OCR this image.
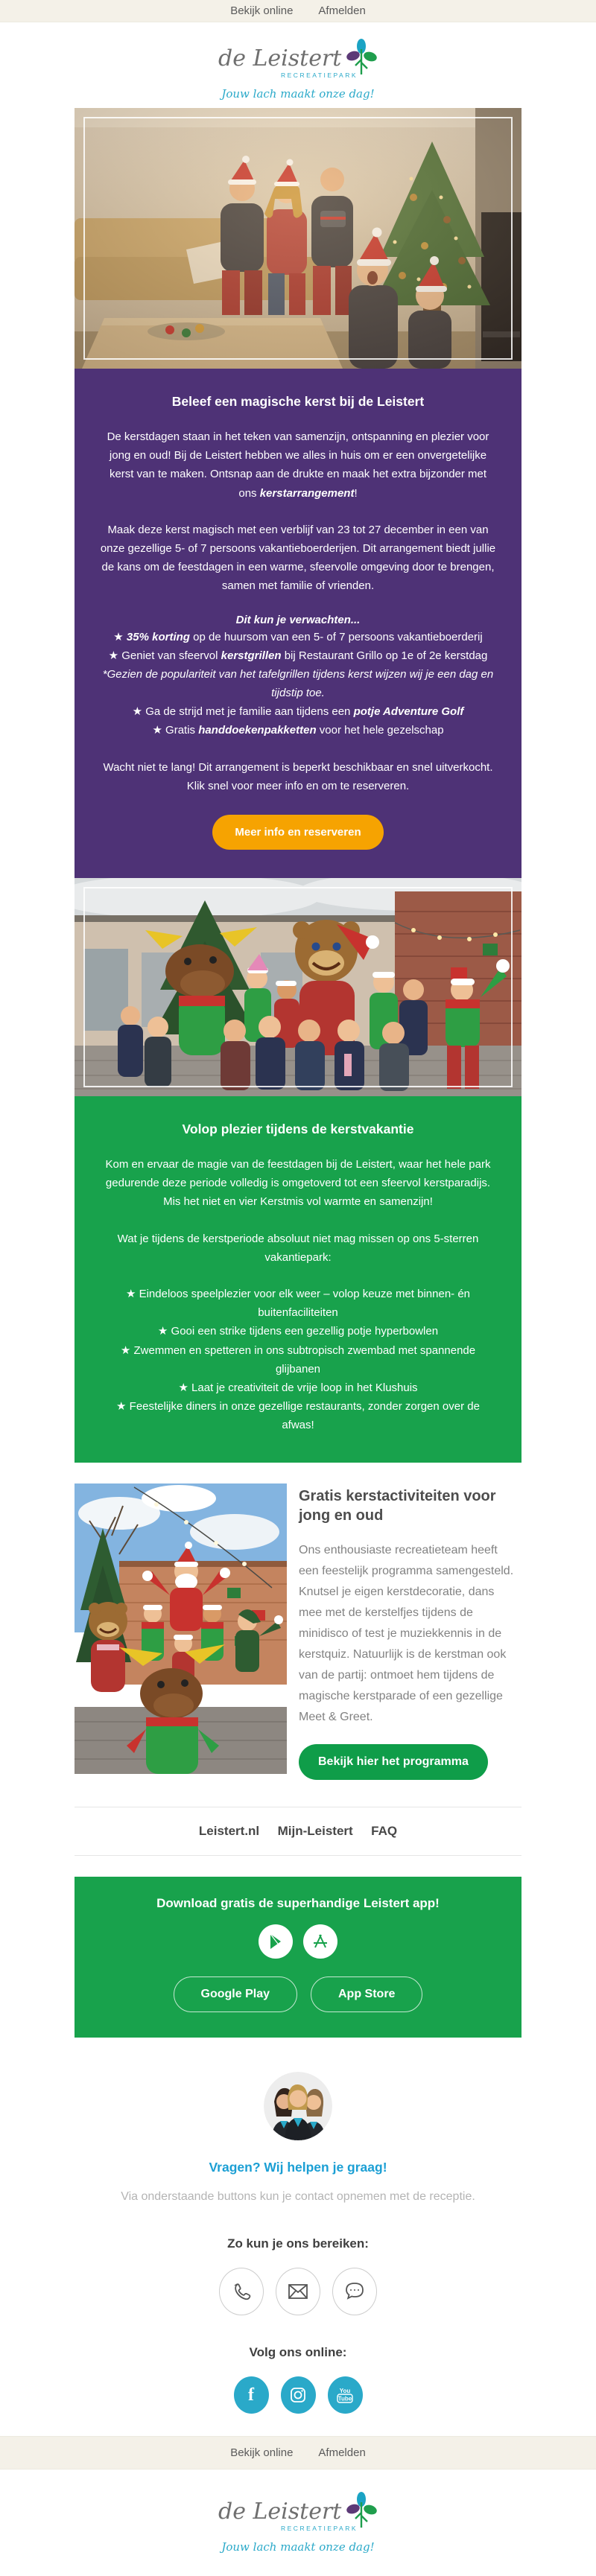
Bekijk online Afmelden
de Leistert
RECREATIEPARK
Jouw lach maakt onze dag!
Beleef een magische kerst bij de Leistert
De kerstdagen staan in het teken van samenzijn, ontspanning en plezier voor jong en oud! Bij de Leistert hebben we alles in huis om er een onvergetelijke kerst van te maken. Ontsnap aan de drukte en maak het extra bijzonder met ons kerstarrangement!
Maak deze kerst magisch met een verblijf van 23 tot 27 december in een van onze gezellige 5- of 7 persoons vakantieboerderijen. Dit arrangement biedt jullie de kans om de feestdagen in een warme, sfeervolle omgeving door te brengen, samen met familie of vrienden.
Dit kun je verwachten...
★ 35% korting op de huursom van een 5- of 7 persoons vakantieboerderij
★ Geniet van sfeervol kerstgrillen bij Restaurant Grillo op 1e of 2e kerstdag
*Gezien de populariteit van het tafelgrillen tijdens kerst wijzen wij je een dag en tijdstip toe.
★ Ga de strijd met je familie aan tijdens een potje Adventure Golf
★ Gratis handdoekenpakketten voor het hele gezelschap
Wacht niet te lang! Dit arrangement is beperkt beschikbaar en snel uitverkocht. Klik snel voor meer info en om te reserveren.
Meer info en reserveren
Volop plezier tijdens de kerstvakantie
Kom en ervaar de magie van de feestdagen bij de Leistert, waar het hele park gedurende deze periode volledig is omgetoverd tot een sfeervol kerstparadijs. Mis het niet en vier Kerstmis vol warmte en samenzijn!
Wat je tijdens de kerstperiode absoluut niet mag missen op ons 5-sterren vakantiepark:
★ Eindeloos speelplezier voor elk weer – volop keuze met binnen- én buitenfaciliteiten
★ Gooi een strike tijdens een gezellig potje hyperbowlen
★ Zwemmen en spetteren in ons subtropisch zwembad met spannende glijbanen
★ Laat je creativiteit de vrije loop in het Klushuis
★ Feestelijke diners in onze gezellige restaurants, zonder zorgen over de afwas!
Gratis kerstactiviteiten voor jong en oud
Ons enthousiaste recreatieteam heeft een feestelijk programma samengesteld. Knutsel je eigen kerstdecoratie, dans mee met de kerstelfjes tijdens de minidisco of test je muziekkennis in de kerstquiz. Natuurlijk is de kerstman ook van de partij: ontmoet hem tijdens de magische kerstparade of een gezellige Meet & Greet.
Bekijk hier het programma
Leistert.nl Mijn-Leistert FAQ
Download gratis de superhandige Leistert app!
Google Play	App Store
Vragen? Wij helpen je graag!
Via onderstaande buttons kun je contact opnemen met de receptie.
Zo kun je ons bereiken:
Volg ons online:
f	You
Tube
Bekijk online Afmelden
de Leistert
RECREATIEPARK
Jouw lach maakt onze dag!
